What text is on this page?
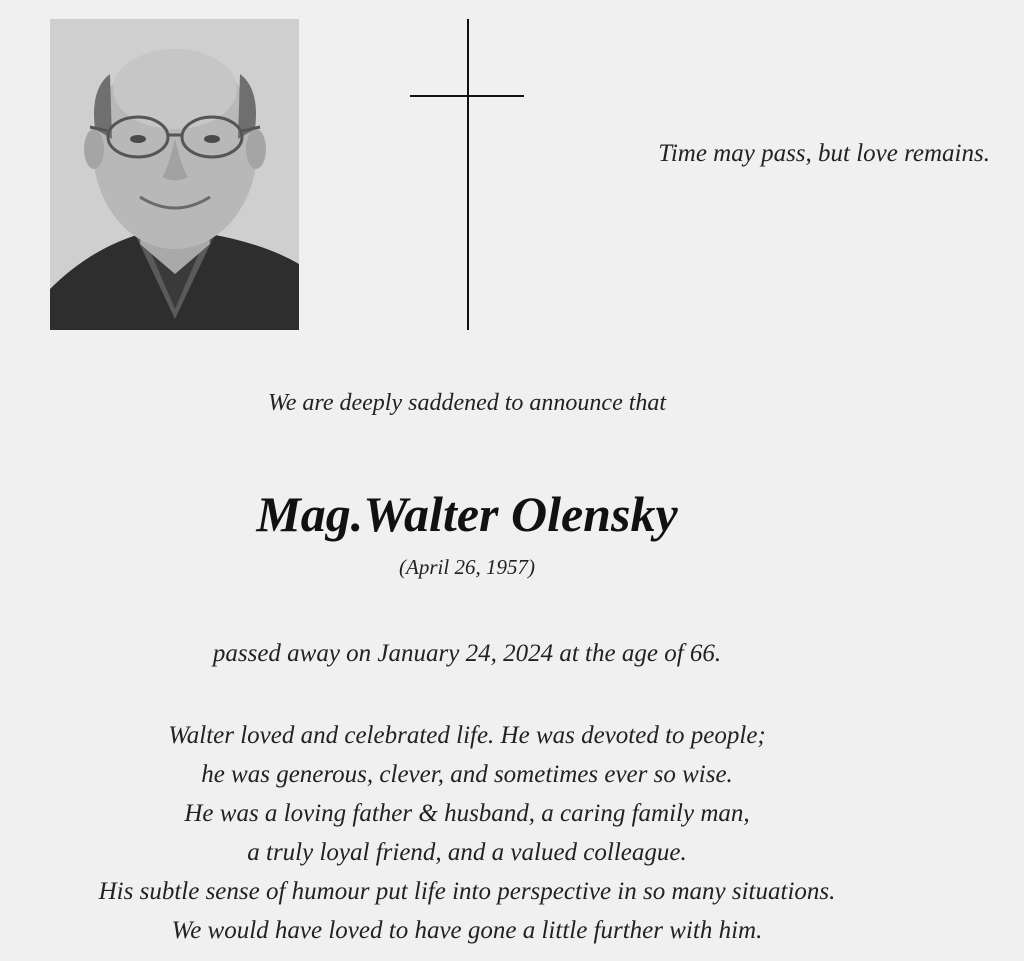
Time may pass, but love remains.
We are deeply saddened to announce that
Mag.Walter Olensky
(April 26, 1957)
passed away on January 24, 2024 at the age of 66.
Walter loved and celebrated life. He was devoted to people;
he was generous, clever, and sometimes ever so wise.
He was a loving father & husband, a caring family man,
a truly loyal friend, and a valued colleague.
His subtle sense of humour put life into perspective in so many situations.
We would have loved to have gone a little further with him.
